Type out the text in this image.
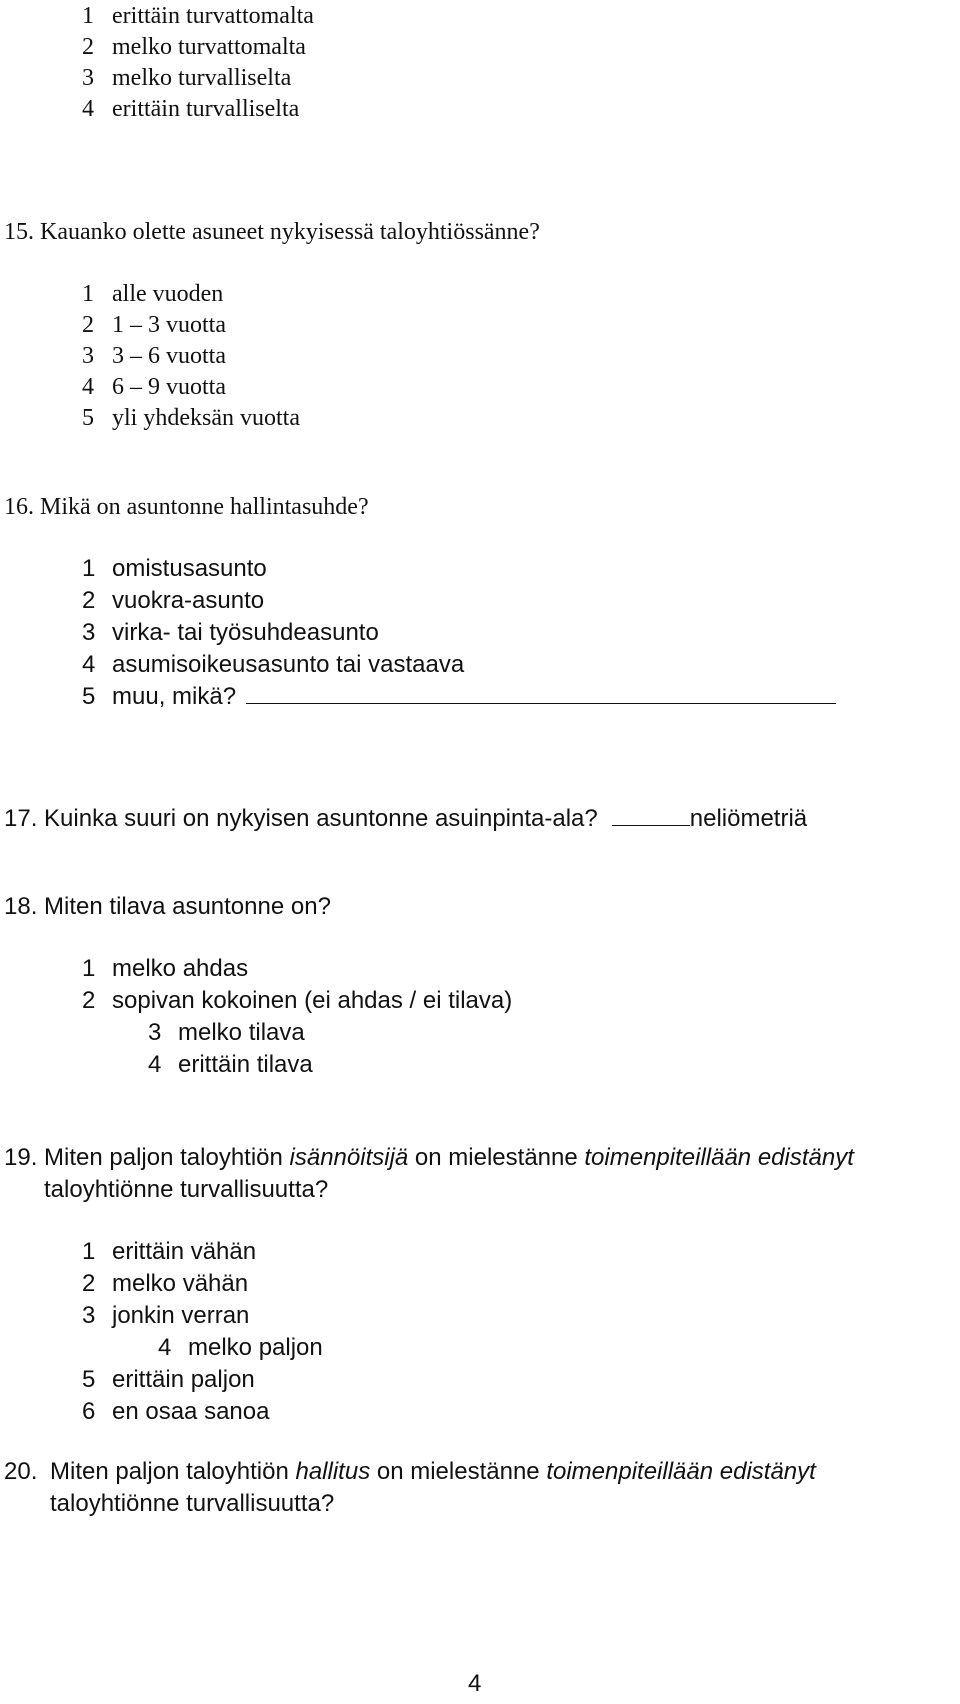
1 erittäin turvattomalta
2 melko turvattomalta
3 melko turvalliselta
4 erittäin turvalliselta
15. Kauanko olette asuneet nykyisessä taloyhtiössänne?
1 alle vuoden
2 1 – 3 vuotta
3 3 – 6 vuotta
4 6 – 9 vuotta
5 yli yhdeksän vuotta
16. Mikä on asuntonne hallintasuhde?
1 omistusasunto
2 vuokra-asunto
3 virka- tai työsuhdeasunto
4 asumisoikeusasunto tai vastaava
5 muu, mikä?
17. Kuinka suuri on nykyisen asuntonne asuinpinta-ala?	neliömetriä
18. Miten tilava asuntonne on?
1 melko ahdas
2 sopivan kokoinen (ei ahdas / ei tilava)
3 melko tilava
4 erittäin tilava
19. Miten paljon taloyhtiön isännöitsijä on mielestänne toimenpiteillään edistänyt
taloyhtiönne turvallisuutta?
1 erittäin vähän
2 melko vähän
3 jonkin verran
4 melko paljon
5 erittäin paljon
6 en osaa sanoa
20. Miten paljon taloyhtiön hallitus on mielestänne toimenpiteillään edistänyt
taloyhtiönne turvallisuutta?
4
